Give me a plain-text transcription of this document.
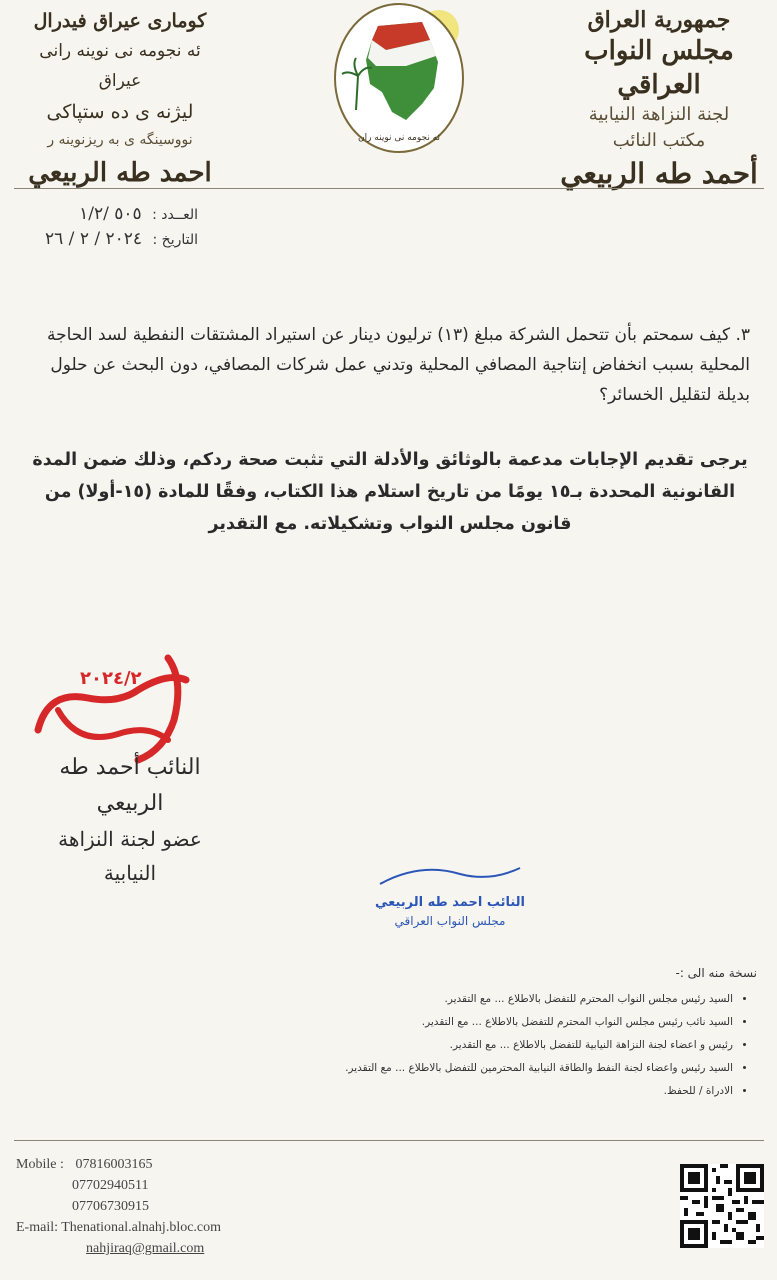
جمهورية العراق
مجلس النواب العراقي
لجنة النزاهة النيابية
مكتب النائب
أحمد طه الربيعي
ئه نجومه نی نوینه ران
كوماری عیراق فیدرال
ئه نجومه نی نوینه رانی عیراق
لیژنه ی ده ستپاکی
نووسینگه ی به ریزنوینه ر
احمد طه الربيعي
العــدد : ٥٠٥ /١/٢
التاريخ : ٢٠٢٤ / ٢ / ٢٦
٣. كيف سمحتم بأن تتحمل الشركة مبلغ (١٣) ترليون دينار عن استيراد المشتقات النفطية لسد الحاجة المحلية بسبب انخفاض إنتاجية المصافي المحلية وتدني عمل شركات المصافي، دون البحث عن حلول بديلة لتقليل الخسائر؟
يرجى تقديم الإجابات مدعمة بالوثائق والأدلة التي تثبت صحة ردكم، وذلك ضمن المدة القانونية المحددة بـ١٥ يومًا من تاريخ استلام هذا الكتاب، وفقًا للمادة (١٥-أولا) من قانون مجلس النواب وتشكيلاته. مع التقدير
٢٠٢٤/٢
النائب أحمد طه الربيعي
عضو لجنة النزاهة النيابية
النائب احمد طه الربيعي
مجلس النواب العراقي
نسخة منه الى :-
• السيد رئيس مجلس النواب المحترم للتفضل بالاطلاع ... مع التقدير.
• السيد نائب رئيس مجلس النواب المحترم للتفضل بالاطلاع ... مع التقدير.
• رئيس و اعضاء لجنة النزاهة النيابية للتفضل بالاطلاع ... مع التقدير.
• السيد رئيس واعضاء لجنة النفط والطاقة النيابية المحترمين للتفضل بالاطلاع ... مع التقدير.
• الادراة / للحفظ.
Mobile : 07816003165
07702940511
07706730915
E-mail: Thenational.alnahj.bloc.com
nahjiraq@gmail.com
